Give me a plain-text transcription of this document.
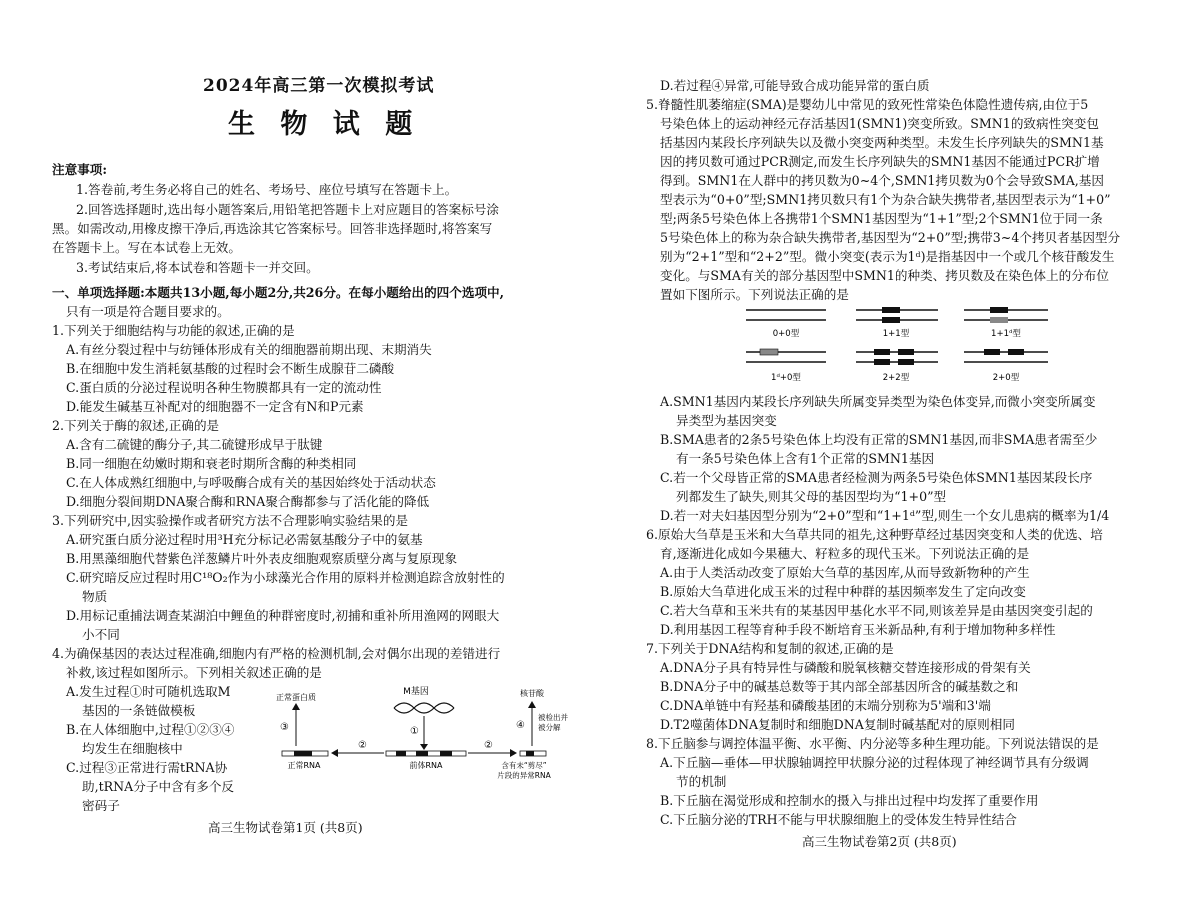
2024年高三第一次模拟考试
生 物 试 题
注意事项:
1.答卷前,考生务必将自己的姓名、考场号、座位号填写在答题卡上。
2.回答选择题时,选出每小题答案后,用铅笔把答题卡上对应题目的答案标号涂
黑。如需改动,用橡皮擦干净后,再选涂其它答案标号。回答非选择题时,将答案写
在答题卡上。写在本试卷上无效。
3.考试结束后,将本试卷和答题卡一并交回。
一、单项选择题:本题共13小题,每小题2分,共26分。在每小题给出的四个选项中,
只有一项是符合题目要求的。
1.下列关于细胞结构与功能的叙述,正确的是
A.有丝分裂过程中与纺锤体形成有关的细胞器前期出现、末期消失
B.在细胞中发生消耗氨基酸的过程时会不断生成腺苷二磷酸
C.蛋白质的分泌过程说明各种生物膜都具有一定的流动性
D.能发生碱基互补配对的细胞器不一定含有N和P元素
2.下列关于酶的叙述,正确的是
A.含有二硫键的酶分子,其二硫键形成早于肽键
B.同一细胞在幼嫩时期和衰老时期所含酶的种类相同
C.在人体成熟红细胞中,与呼吸酶合成有关的基因始终处于活动状态
D.细胞分裂间期DNA聚合酶和RNA聚合酶都参与了活化能的降低
3.下列研究中,因实验操作或者研究方法不合理影响实验结果的是
A.研究蛋白质分泌过程时用³H充分标记必需氨基酸分子中的氨基
B.用黑藻细胞代替紫色洋葱鳞片叶外表皮细胞观察质壁分离与复原现象
C.研究暗反应过程时用C¹⁸O₂作为小球藻光合作用的原料并检测追踪含放射性的
物质
D.用标记重捕法调查某湖泊中鲤鱼的种群密度时,初捕和重补所用渔网的网眼大
小不同
4.为确保基因的表达过程准确,细胞内有严格的检测机制,会对偶尔出现的差错进行
补救,该过程如图所示。下列相关叙述正确的是
A.发生过程①时可随机选取M
基因的一条链做模板
B.在人体细胞中,过程①②③④
均发生在细胞核中
C.过程③正常进行需tRNA协
助,tRNA分子中含有多个反
密码子
M基因
①
前体RNA
②
正常RNA
③
正常蛋白质
②
含有未“剪尽”
片段的异常RNA
④
核苷酸
被检出并
被分解
高三生物试卷第1页 (共8页)
D.若过程④异常,可能导致合成功能异常的蛋白质
5.脊髓性肌萎缩症(SMA)是婴幼儿中常见的致死性常染色体隐性遗传病,由位于5
号染色体上的运动神经元存活基因1(SMN1)突变所致。SMN1的致病性突变包
括基因内某段长序列缺失以及微小突变两种类型。未发生长序列缺失的SMN1基
因的拷贝数可通过PCR测定,而发生长序列缺失的SMN1基因不能通过PCR扩增
得到。SMN1在人群中的拷贝数为0~4个,SMN1拷贝数为0个会导致SMA,基因
型表示为“0+0”型;SMN1拷贝数只有1个为杂合缺失携带者,基因型表示为“1+0”
型;两条5号染色体上各携带1个SMN1基因型为“1+1”型;2个SMN1位于同一条
5号染色体上的称为杂合缺失携带者,基因型为“2+0”型;携带3~4个拷贝者基因型分
别为“2+1”型和“2+2”型。微小突变(表示为1ᵈ)是指基因中一个或几个核苷酸发生
变化。与SMA有关的部分基因型中SMN1的种类、拷贝数及在染色体上的分布位
置如下图所示。下列说法正确的是
0+0型	1+1型	1+1ᵈ型
1ᵈ+0型	2+2型	2+0型
A.SMN1基因内某段长序列缺失所属变异类型为染色体变异,而微小突变所属变
异类型为基因突变
B.SMA患者的2条5号染色体上均没有正常的SMN1基因,而非SMA患者需至少
有一条5号染色体上含有1个正常的SMN1基因
C.若一个父母皆正常的SMA患者经检测为两条5号染色体SMN1基因某段长序
列都发生了缺失,则其父母的基因型均为“1+0”型
D.若一对夫妇基因型分别为“2+0”型和“1+1ᵈ”型,则生一个女儿患病的概率为1/4
6.原始大刍草是玉米和大刍草共同的祖先,这种野草经过基因突变和人类的优选、培
育,逐渐进化成如今果穗大、籽粒多的现代玉米。下列说法正确的是
A.由于人类活动改变了原始大刍草的基因库,从而导致新物种的产生
B.原始大刍草进化成玉米的过程中种群的基因频率发生了定向改变
C.若大刍草和玉米共有的某基因甲基化水平不同,则该差异是由基因突变引起的
D.利用基因工程等育种手段不断培育玉米新品种,有利于增加物种多样性
7.下列关于DNA结构和复制的叙述,正确的是
A.DNA分子具有特异性与磷酸和脱氧核糖交替连接形成的骨架有关
B.DNA分子中的碱基总数等于其内部全部基因所含的碱基数之和
C.DNA单链中有羟基和磷酸基团的末端分别称为5'端和3'端
D.T2噬菌体DNA复制时和细胞DNA复制时碱基配对的原则相同
8.下丘脑参与调控体温平衡、水平衡、内分泌等多种生理功能。下列说法错误的是
A.下丘脑—垂体—甲状腺轴调控甲状腺分泌的过程体现了神经调节具有分级调
节的机制
B.下丘脑在渴觉形成和控制水的摄入与排出过程中均发挥了重要作用
C.下丘脑分泌的TRH不能与甲状腺细胞上的受体发生特异性结合
高三生物试卷第2页 (共8页)
